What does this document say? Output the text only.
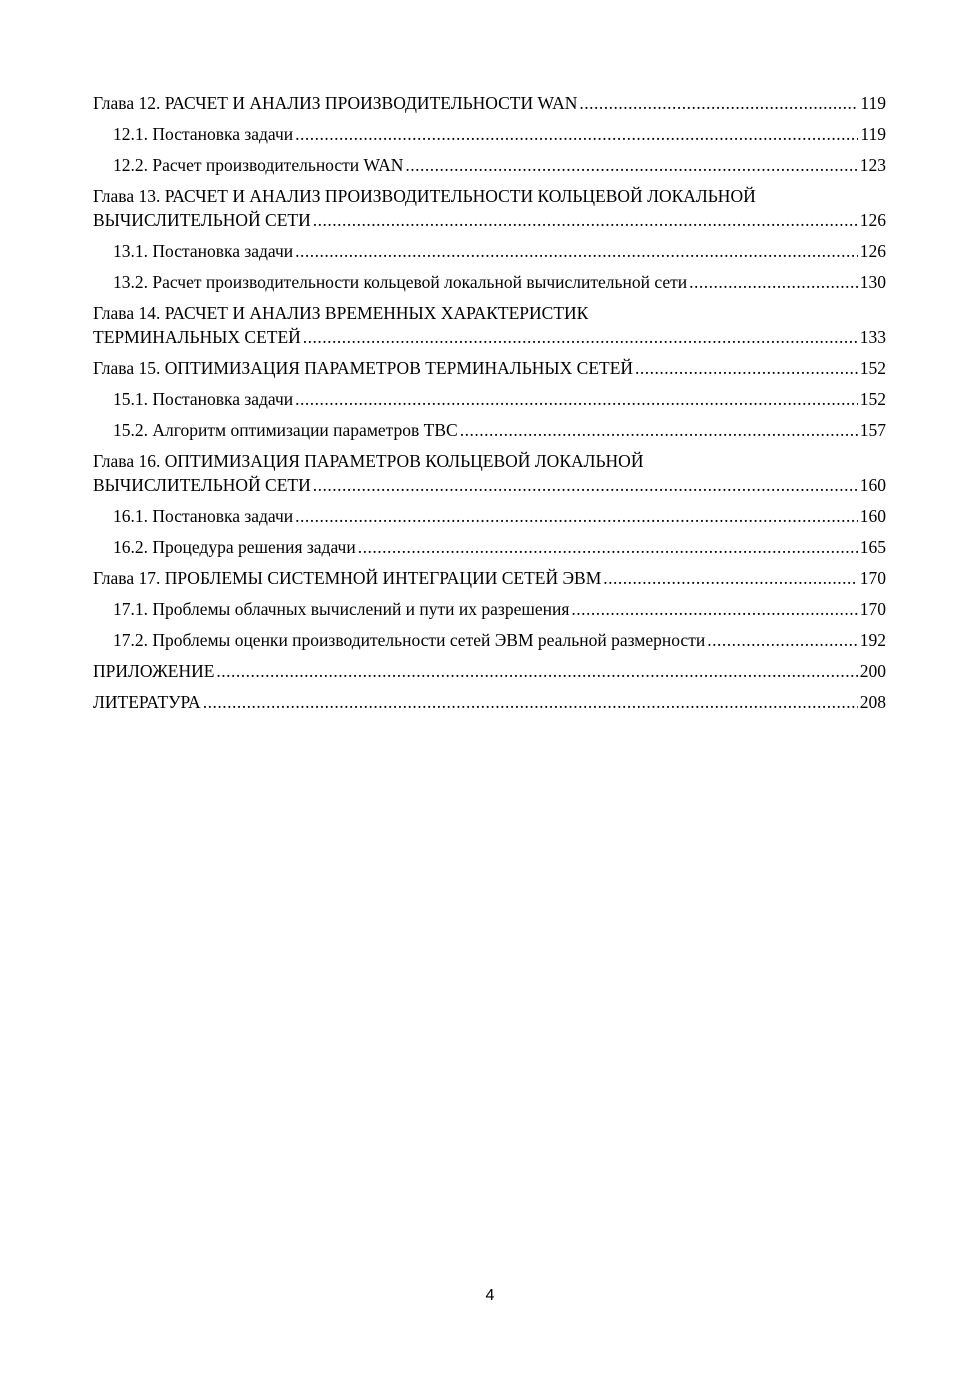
Глава 12. РАСЧЕТ И АНАЛИЗ ПРОИЗВОДИТЕЛЬНОСТИ WAN .....	119
12.1. Постановка задачи .....	119
12.2. Расчет производительности WAN .....	123
Глава 13. РАСЧЕТ И АНАЛИЗ ПРОИЗВОДИТЕЛЬНОСТИ КОЛЬЦЕВОЙ ЛОКАЛЬНОЙ
ВЫЧИСЛИТЕЛЬНОЙ СЕТИ .....	126
13.1. Постановка задачи .....	126
13.2. Расчет производительности кольцевой локальной вычислительной сети .....	130
Глава 14. РАСЧЕТ И АНАЛИЗ ВРЕМЕННЫХ ХАРАКТЕРИСТИК
ТЕРМИНАЛЬНЫХ СЕТЕЙ .....	133
Глава 15. ОПТИМИЗАЦИЯ ПАРАМЕТРОВ ТЕРМИНАЛЬНЫХ СЕТЕЙ .....	152
15.1. Постановка задачи .....	152
15.2. Алгоритм оптимизации параметров ТВС .....	157
Глава 16. ОПТИМИЗАЦИЯ ПАРАМЕТРОВ КОЛЬЦЕВОЙ ЛОКАЛЬНОЙ
ВЫЧИСЛИТЕЛЬНОЙ СЕТИ .....	160
16.1. Постановка задачи .....	160
16.2. Процедура решения задачи .....	165
Глава 17. ПРОБЛЕМЫ СИСТЕМНОЙ ИНТЕГРАЦИИ СЕТЕЙ ЭВМ .....	170
17.1. Проблемы облачных вычислений и пути их разрешения .....	170
17.2. Проблемы оценки производительности сетей ЭВМ реальной размерности .....	192
ПРИЛОЖЕНИЕ .....	200
ЛИТЕРАТУРА .....	208
4
